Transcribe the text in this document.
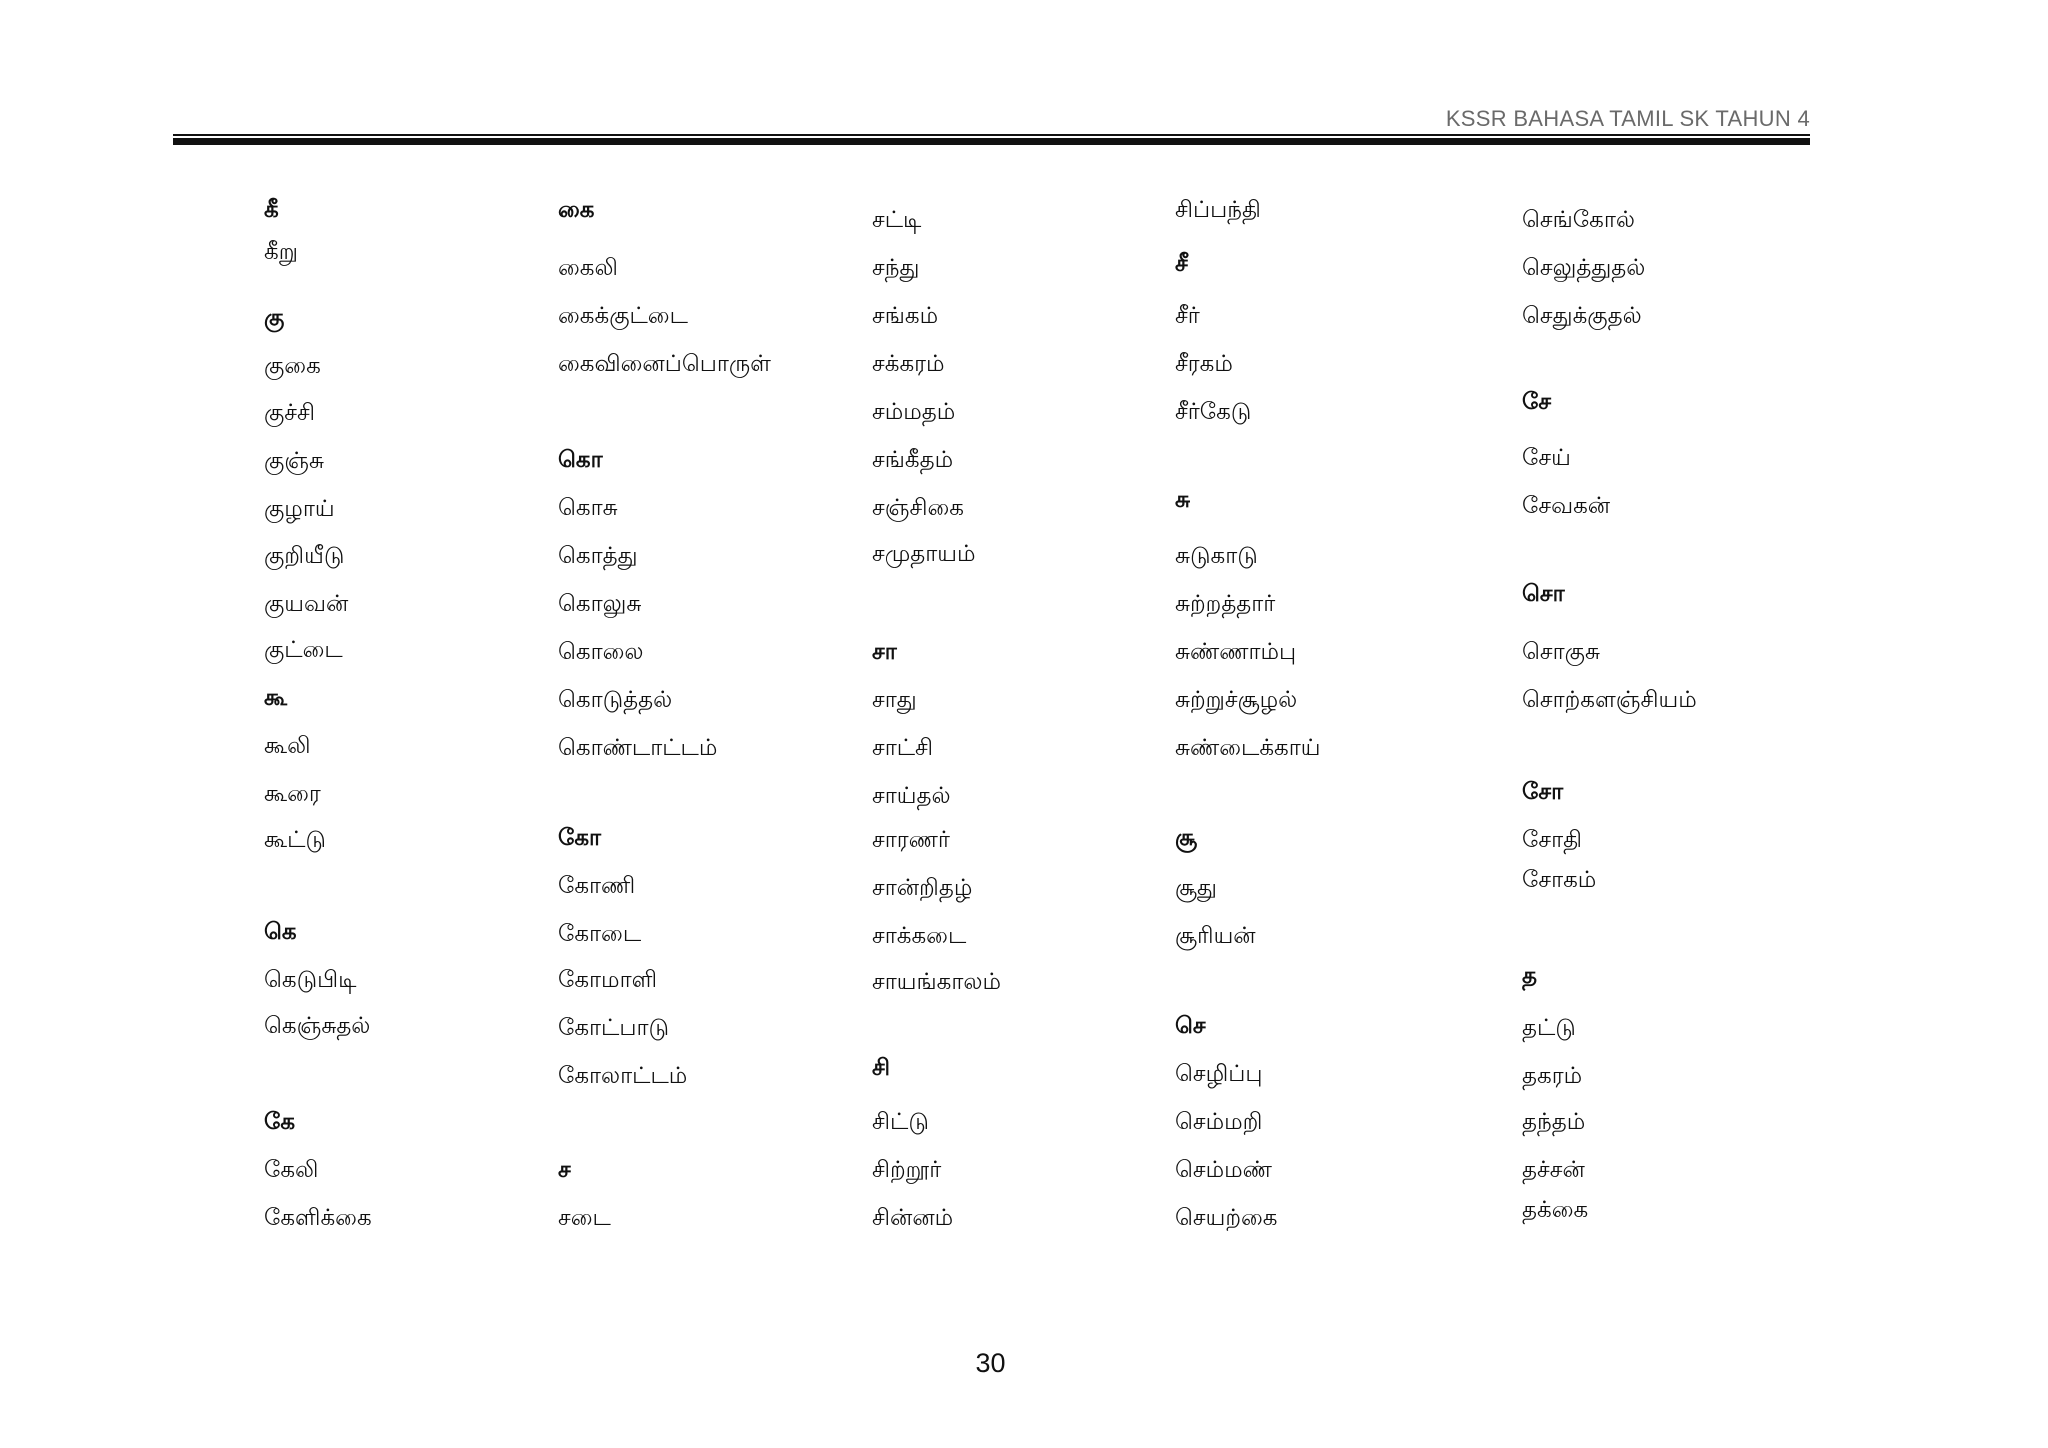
KSSR BAHASA TAMIL SK TAHUN 4
கீ
கீறு
கு
குகை
குச்சி
குஞ்சு
குழாய்
குறியீடு
குயவன்
குட்டை
கூ
கூலி
கூரை
கூட்டு
கெ
கெடுபிடி
கெஞ்சுதல்
கே
கேலி
கேளிக்கை
கை
கைலி
கைக்குட்டை
கைவினைப்பொருள்
கொ
கொசு
கொத்து
கொலுசு
கொலை
கொடுத்தல்
கொண்டாட்டம்
கோ
கோணி
கோடை
கோமாளி
கோட்பாடு
கோலாட்டம்
ச
சடை
சட்டி
சந்து
சங்கம்
சக்கரம்
சம்மதம்
சங்கீதம்
சஞ்சிகை
சமுதாயம்
சா
சாது
சாட்சி
சாய்தல்
சாரணர்
சான்றிதழ்
சாக்கடை
சாயங்காலம்
சி
சிட்டு
சிற்றூர்
சின்னம்
சிப்பந்தி
சீ
சீர்
சீரகம்
சீர்கேடு
சு
சுடுகாடு
சுற்றத்தார்
சுண்ணாம்பு
சுற்றுச்சூழல்
சுண்டைக்காய்
சூ
சூது
சூரியன்
செ
செழிப்பு
செம்மறி
செம்மண்
செயற்கை
செங்கோல்
செலுத்துதல்
செதுக்குதல்
சே
சேய்
சேவகன்
சொ
சொகுசு
சொற்களஞ்சியம்
சோ
சோதி
சோகம்
த
தட்டு
தகரம்
தந்தம்
தச்சன்
தக்கை
30
